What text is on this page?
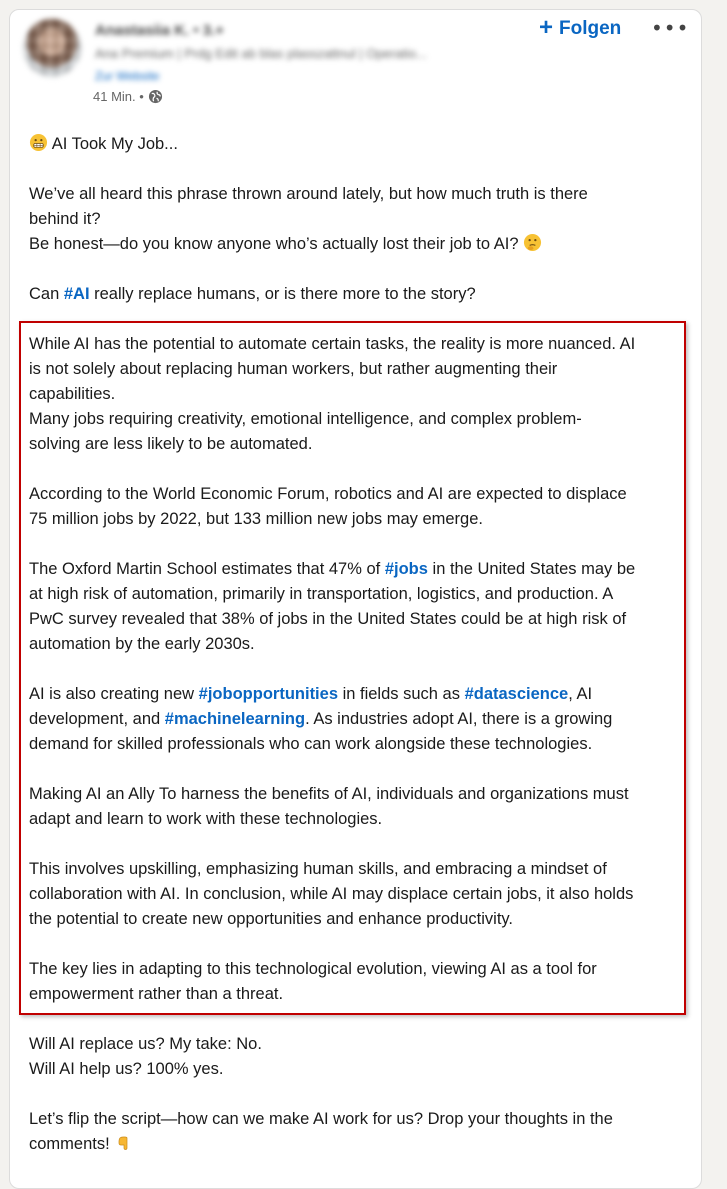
Anastasiia K. • 3.+
Ana Premium | Prdg Edit ab blas plasszattnul | Operatio...
Zur Website
41 Min. •
+ Folgen	•••

AI Took My Job...

We’ve all heard this phrase thrown around lately, but how much truth is there

behind it?

Be honest—do you know anyone who’s actually lost their job to AI?

Can #AI really replace humans, or is there more to the story?

While AI has the potential to automate certain tasks, the reality is more nuanced. AI

is not solely about replacing human workers, but rather augmenting their

capabilities.

Many jobs requiring creativity, emotional intelligence, and complex problem-

solving are less likely to be automated.

According to the World Economic Forum, robotics and AI are expected to displace

75 million jobs by 2022, but 133 million new jobs may emerge.

The Oxford Martin School estimates that 47% of #jobs in the United States may be

at high risk of automation, primarily in transportation, logistics, and production. A

PwC survey revealed that 38% of jobs in the United States could be at high risk of

automation by the early 2030s.

AI is also creating new #jobopportunities in fields such as #datascience, AI

development, and #machinelearning. As industries adopt AI, there is a growing

demand for skilled professionals who can work alongside these technologies.

Making AI an Ally To harness the benefits of AI, individuals and organizations must

adapt and learn to work with these technologies.

This involves upskilling, emphasizing human skills, and embracing a mindset of

collaboration with AI. In conclusion, while AI may displace certain jobs, it also holds

the potential to create new opportunities and enhance productivity.

The key lies in adapting to this technological evolution, viewing AI as a tool for

empowerment rather than a threat.

Will AI replace us? My take: No.

Will AI help us? 100% yes.

Let’s flip the script—how can we make AI work for us? Drop your thoughts in the

comments!
